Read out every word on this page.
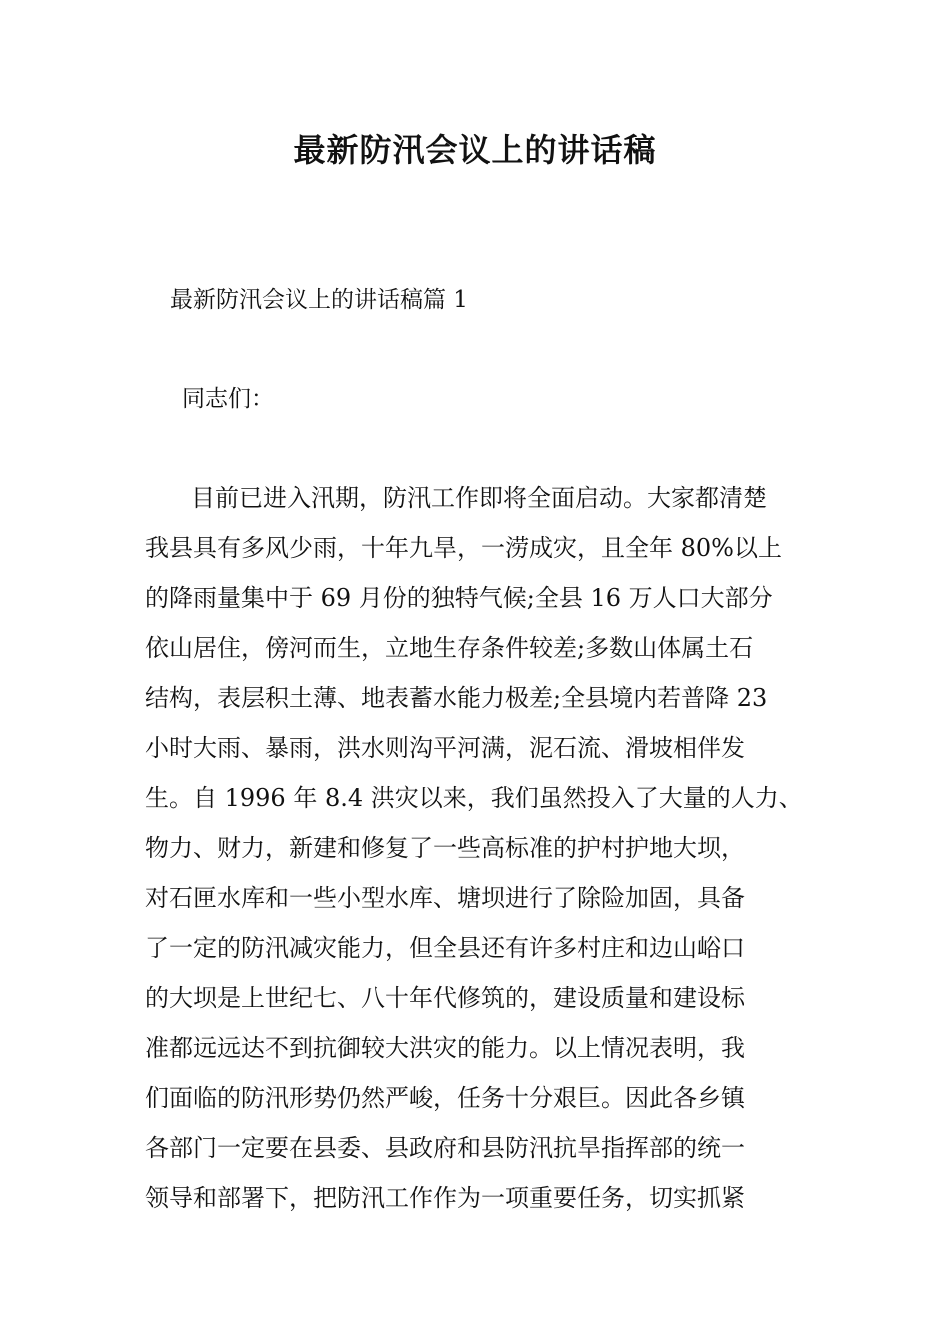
最新防汛会议上的讲话稿

最新防汛会议上的讲话稿篇 1

同志们：

目前已进入汛期，防汛工作即将全面启动。大家都清楚
我县具有多风少雨，十年九旱，一涝成灾，且全年 80%以上
的降雨量集中于 69 月份的独特气候;全县 16 万人口大部分
依山居住，傍河而生，立地生存条件较差;多数山体属土石
结构，表层积土薄、地表蓄水能力极差;全县境内若普降 23
小时大雨、暴雨，洪水则沟平河满，泥石流、滑坡相伴发
生。自 1996 年 8.4 洪灾以来，我们虽然投入了大量的人力、
物力、财力，新建和修复了一些高标准的护村护地大坝，
对石匣水库和一些小型水库、塘坝进行了除险加固，具备
了一定的防汛减灾能力，但全县还有许多村庄和边山峪口
的大坝是上世纪七、八十年代修筑的，建设质量和建设标
准都远远达不到抗御较大洪灾的能力。以上情况表明，我
们面临的防汛形势仍然严峻，任务十分艰巨。因此各乡镇
各部门一定要在县委、县政府和县防汛抗旱指挥部的统一
领导和部署下，把防汛工作作为一项重要任务，切实抓紧
